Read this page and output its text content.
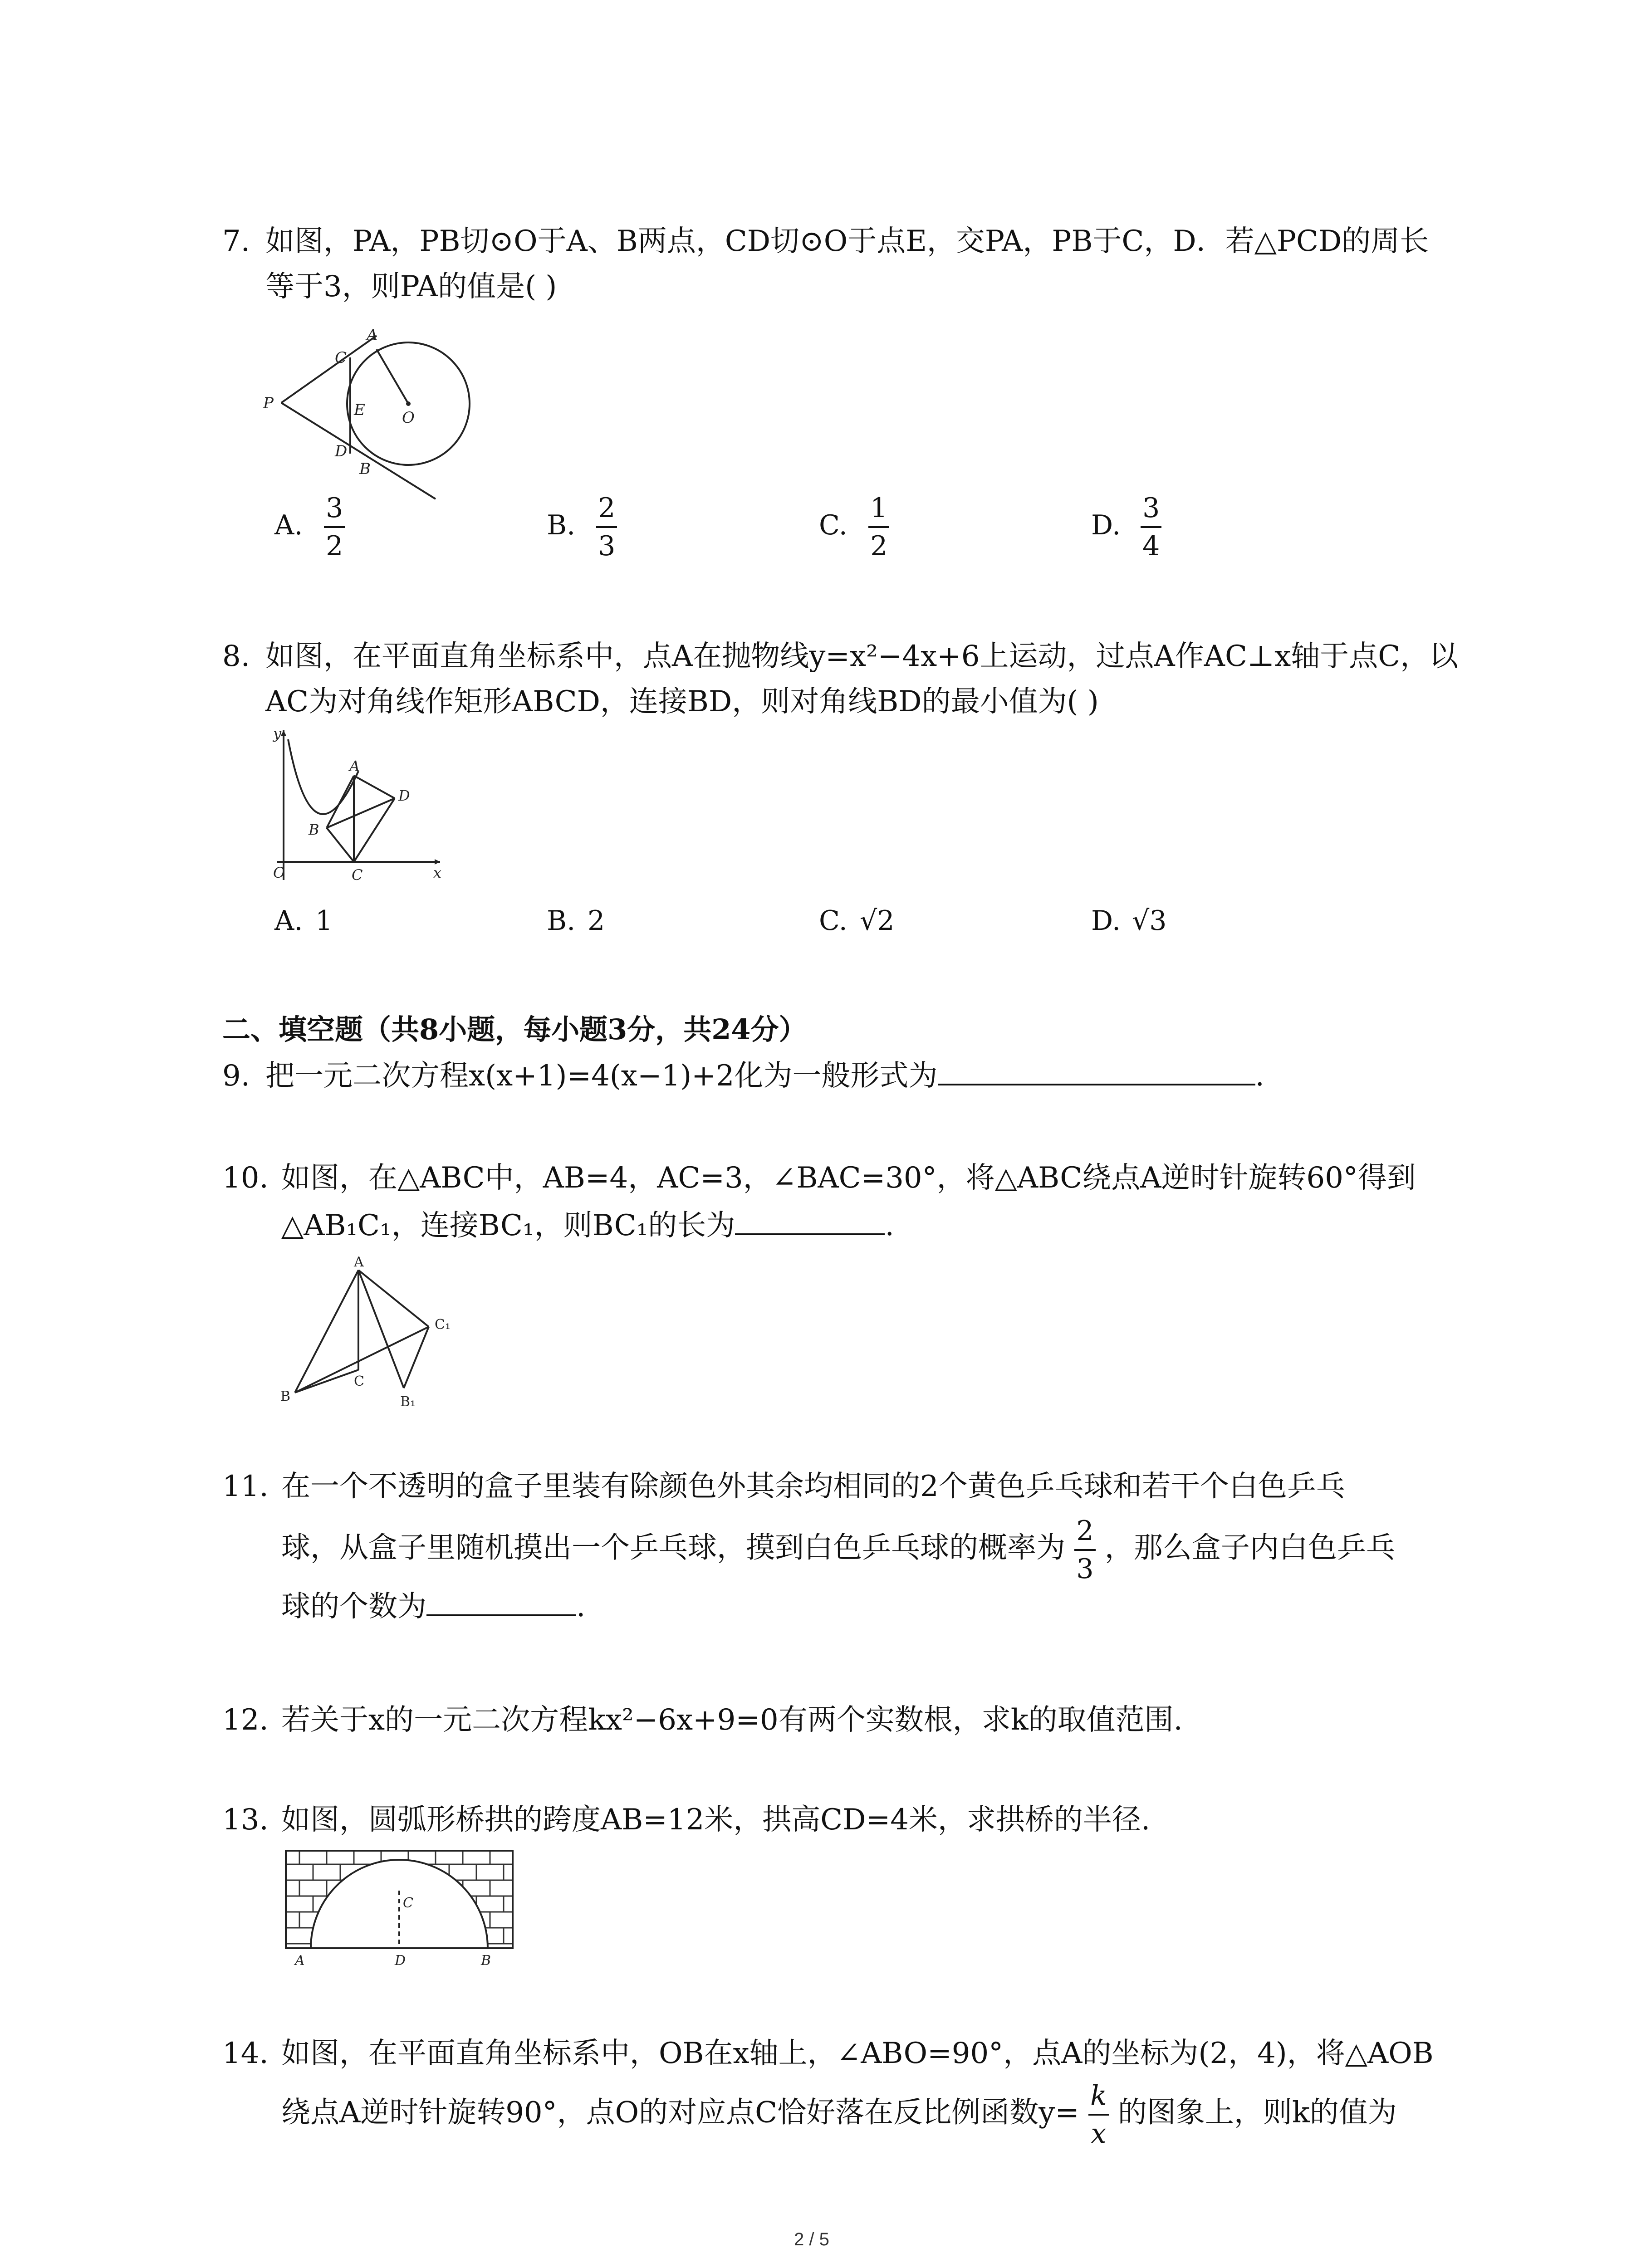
7. 如图，PA，PB切⊙O于A、B两点，CD切⊙O于点E，交PA，PB于C，D．若△PCD的周长
等于3，则PA的值是( )
P
A
C
E O
D
B
A. $\frac{3}{2}$	B. $\frac{2}{3}$	C. $\frac{1}{2}$	D. $\frac{3}{4}$
8. 如图，在平面直角坐标系中，点A在抛物线y=x²−4x+6上运动，过点A作AC⊥x轴于点C，以
AC为对角线作矩形ABCD，连接BD，则对角线BD的最小值为( )
y
A
D
B
O	C	x
A. 1	B. 2	C. √2	D. √3
二、填空题（共8小题，每小题3分，共24分）
9. 把一元二次方程x(x+1)=4(x−1)+2化为一般形式为	.
10. 如图，在△ABC中，AB=4，AC=3，∠BAC=30°，将△ABC绕点A逆时针旋转60°得到
△AB₁C₁，连接BC₁，则BC₁的长为	.
A
C₁
B
C
B₁
11. 在一个不透明的盒子里装有除颜色外其余均相同的2个黄色乒乓球和若干个白色乒乓
球，从盒子里随机摸出一个乒乓球，摸到白色乒乓球的概率为 $\frac{2}{3}$ ，那么盒子内白色乒乓
球的个数为	.
12. 若关于x的一元二次方程kx²−6x+9=0有两个实数根，求k的取值范围.
13. 如图，圆弧形桥拱的跨度AB=12米，拱高CD=4米，求拱桥的半径.
C
A	D	B
14. 如图，在平面直角坐标系中，OB在x轴上，∠ABO=90°，点A的坐标为(2，4)，将△AOB
绕点A逆时针旋转90°，点O的对应点C恰好落在反比例函数$y= \frac{k}{x}$ 的图象上，则k的值为
2 / 5
